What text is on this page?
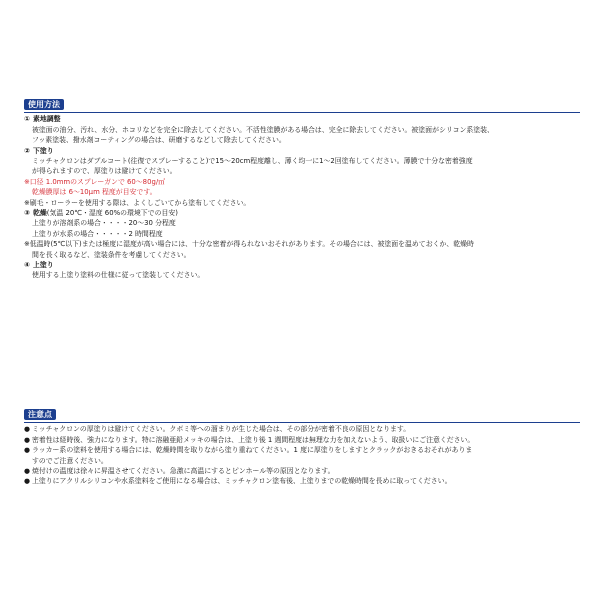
使用方法
① 素地調整
被塗面の油分、汚れ、水分、ホコリなどを完全に除去してください。不活性塗膜がある場合は、完全に除去してください。被塗面がシリコン系塗装、
フッ素塗装、撥水剤コーティングの場合は、研磨するなどして除去してください。
② 下塗り
ミッチャクロンはダブルコート(往復でスプレーすること)で15～20cm程度離し、薄く均一に1～2回塗布してください。薄膜で十分な密着強度
が得られますので、厚塗りは避けてください。
※口径 1.0mmのスプレーガンで 60～80g/㎡
乾燥膜厚は 6～10μm 程度が目安です。
※刷毛・ローラーを使用する際は、よくしごいてから塗布してください。
③ 乾燥(気温 20℃・湿度 60%の環境下での目安)
上塗りが溶剤系の場合・・・・20～30 分程度
上塗りが水系の場合・・・・・2 時間程度
※低温時(5℃以下)または極度に湿度が高い場合には、十分な密着が得られないおそれがあります。その場合には、被塗面を温めておくか、乾燥時
間を長く取るなど、塗装条件を考慮してください。
④ 上塗り
使用する上塗り塗料の仕様に従って塗装してください。
注意点
● ミッチャクロンの厚塗りは避けてください。クボミ等への溜まりが生じた場合は、その部分が密着不良の原因となります。
● 密着性は経時後、強力になります。特に溶融亜鉛メッキの場合は、上塗り後 1 週間程度は無理な力を加えないよう、取扱いにご注意ください。
● ラッカー系の塗料を使用する場合には、乾燥時間を取りながら塗り重ねてください。1 度に厚塗りをしますとクラックがおきるおそれがありま
すのでご注意ください。
● 焼付けの温度は徐々に昇温させてください。急激に高温にするとピンホール等の原因となります。
● 上塗りにアクリルシリコンや水系塗料をご使用になる場合は、ミッチャクロン塗布後、上塗りまでの乾燥時間を長めに取ってください。
